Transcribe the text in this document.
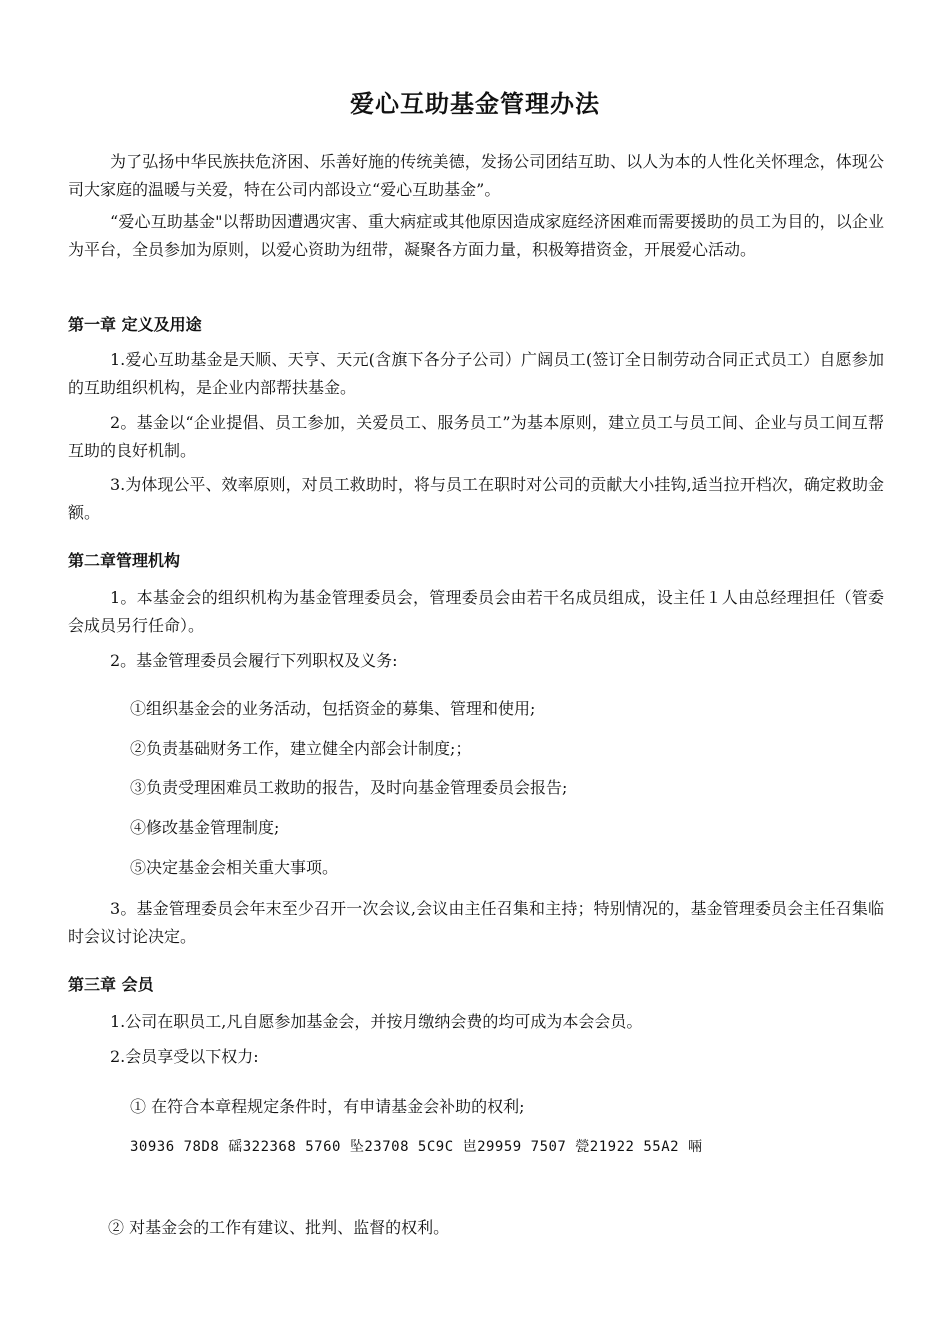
爱心互助基金管理办法
为了弘扬中华民族扶危济困、乐善好施的传统美德，发扬公司团结互助、以人为本的人性化关怀理念，体现公司大家庭的温暖与关爱，特在公司内部设立“爱心互助基金”。
“爱心互助基金"以帮助因遭遇灾害、重大病症或其他原因造成家庭经济困难而需要援助的员工为目的，以企业为平台，全员参加为原则，以爱心资助为纽带，凝聚各方面力量，积极筹措资金，开展爱心活动。
第一章 定义及用途
1.爱心互助基金是天顺、天亨、天元(含旗下各分子公司）广阔员工(签订全日制劳动合同正式员工）自愿参加的互助组织机构，是企业内部帮扶基金。
2。基金以“企业提倡、员工参加，关爱员工、服务员工”为基本原则，建立员工与员工间、企业与员工间互帮互助的良好机制。
3.为体现公平、效率原则，对员工救助时，将与员工在职时对公司的贡献大小挂钩,适当拉开档次，确定救助金额。
第二章管理机构
1。本基金会的组织机构为基金管理委员会，管理委员会由若干名成员组成，设主任１人由总经理担任（管委会成员另行任命）。
2。基金管理委员会履行下列职权及义务:
①组织基金会的业务活动，包括资金的募集、管理和使用;
②负责基础财务工作，建立健全内部会计制度;；
③负责受理困难员工救助的报告，及时向基金管理委员会报告;
④修改基金管理制度;
⑤决定基金会相关重大事项。
3。基金管理委员会年末至少召开一次会议,会议由主任召集和主持；特别情况的，基金管理委员会主任召集临时会议讨论决定。
第三章 会员
1.公司在职员工,凡自愿参加基金会，并按月缴纳会费的均可成为本会会员。
2.会员享受以下权力:
① 在符合本章程规定条件时，有申请基金会补助的权利;
30936 78D8 磘322368 5760 坠23708 5C9C 岜29959 7507 甇21922 55A2 啢
② 对基金会的工作有建议、批判、监督的权利。
